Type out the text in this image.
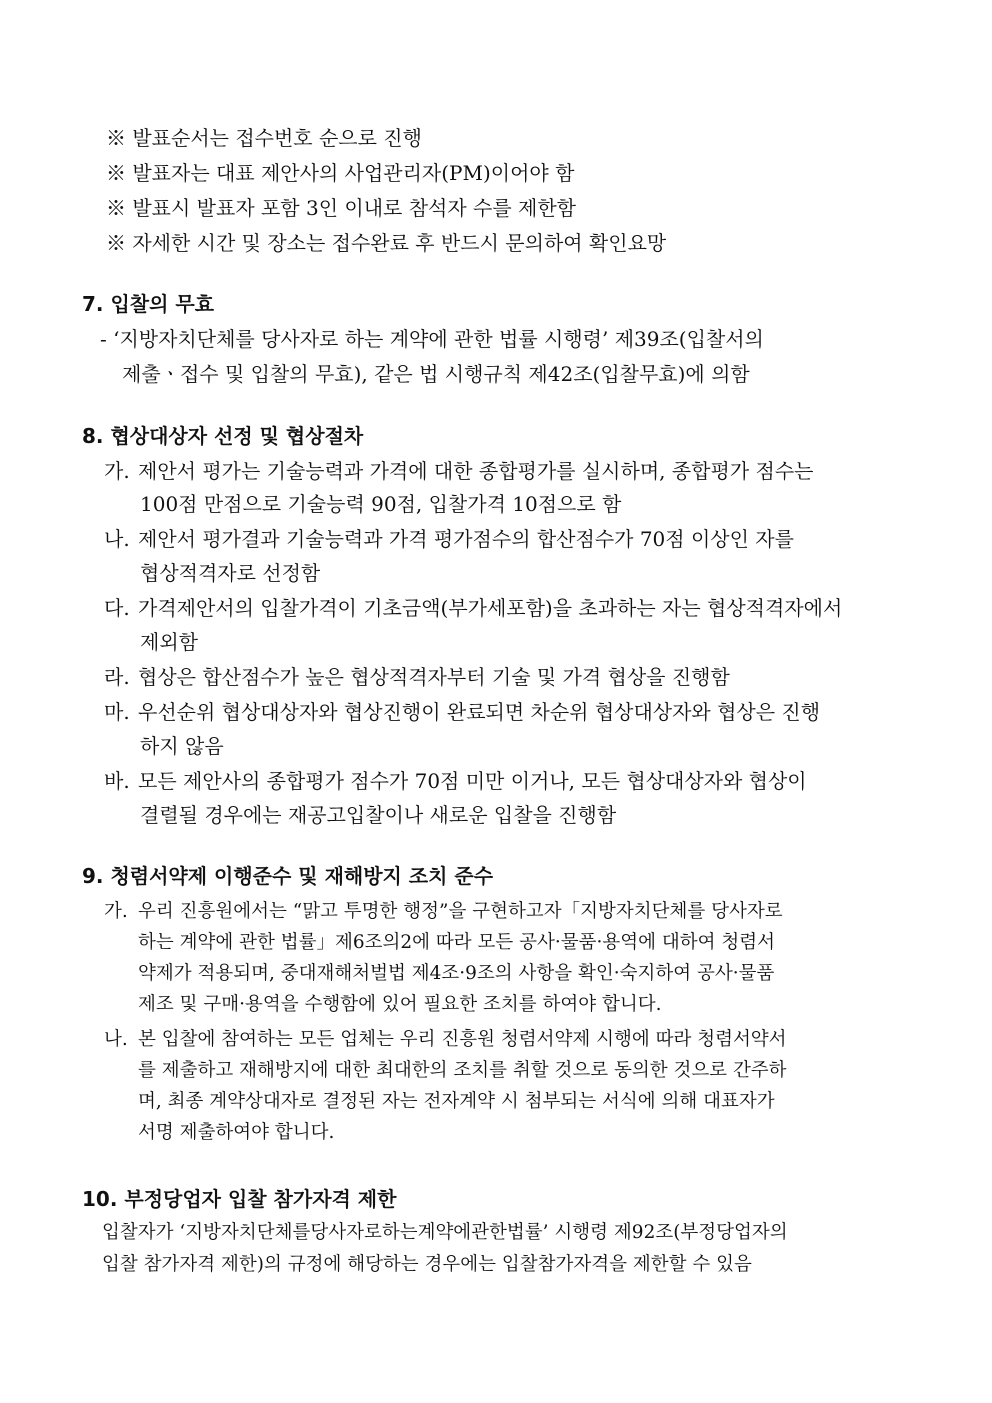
※ 발표순서는 접수번호 순으로 진행
※ 발표자는 대표 제안사의 사업관리자(PM)이어야 함
※ 발표시 발표자 포함 3인 이내로 참석자 수를 제한함
※ 자세한 시간 및 장소는 접수완료 후 반드시 문의하여 확인요망
7. 입찰의 무효
- ‘지방자치단체를 당사자로 하는 계약에 관한 법률 시행령’ 제39조(입찰서의
제출ㆍ접수 및 입찰의 무효), 같은 법 시행규칙 제42조(입찰무효)에 의함
8. 협상대상자 선정 및 협상절차
가. 제안서 평가는 기술능력과 가격에 대한 종합평가를 실시하며, 종합평가 점수는
100점 만점으로 기술능력 90점, 입찰가격 10점으로 함
나. 제안서 평가결과 기술능력과 가격 평가점수의 합산점수가 70점 이상인 자를
협상적격자로 선정함
다. 가격제안서의 입찰가격이 기초금액(부가세포함)을 초과하는 자는 협상적격자에서
제외함
라. 협상은 합산점수가 높은 협상적격자부터 기술 및 가격 협상을 진행함
마. 우선순위 협상대상자와 협상진행이 완료되면 차순위 협상대상자와 협상은 진행
하지 않음
바. 모든 제안사의 종합평가 점수가 70점 미만 이거나, 모든 협상대상자와 협상이
결렬될 경우에는 재공고입찰이나 새로운 입찰을 진행함
9. 청렴서약제 이행준수 및 재해방지 조치 준수
가. 우리 진흥원에서는 “맑고 투명한 행정”을 구현하고자「지방자치단체를 당사자로
하는 계약에 관한 법률」제6조의2에 따라 모든 공사·물품·용역에 대하여 청렴서
약제가 적용되며, 중대재해처벌법 제4조·9조의 사항을 확인·숙지하여 공사·물품
제조 및 구매·용역을 수행함에 있어 필요한 조치를 하여야 합니다.
나. 본 입찰에 참여하는 모든 업체는 우리 진흥원 청렴서약제 시행에 따라 청렴서약서
를 제출하고 재해방지에 대한 최대한의 조치를 취할 것으로 동의한 것으로 간주하
며, 최종 계약상대자로 결정된 자는 전자계약 시 첨부되는 서식에 의해 대표자가
서명 제출하여야 합니다.
10. 부정당업자 입찰 참가자격 제한
입찰자가 ‘지방자치단체를당사자로하는계약에관한법률’ 시행령 제92조(부정당업자의
입찰 참가자격 제한)의 규정에 해당하는 경우에는 입찰참가자격을 제한할 수 있음
